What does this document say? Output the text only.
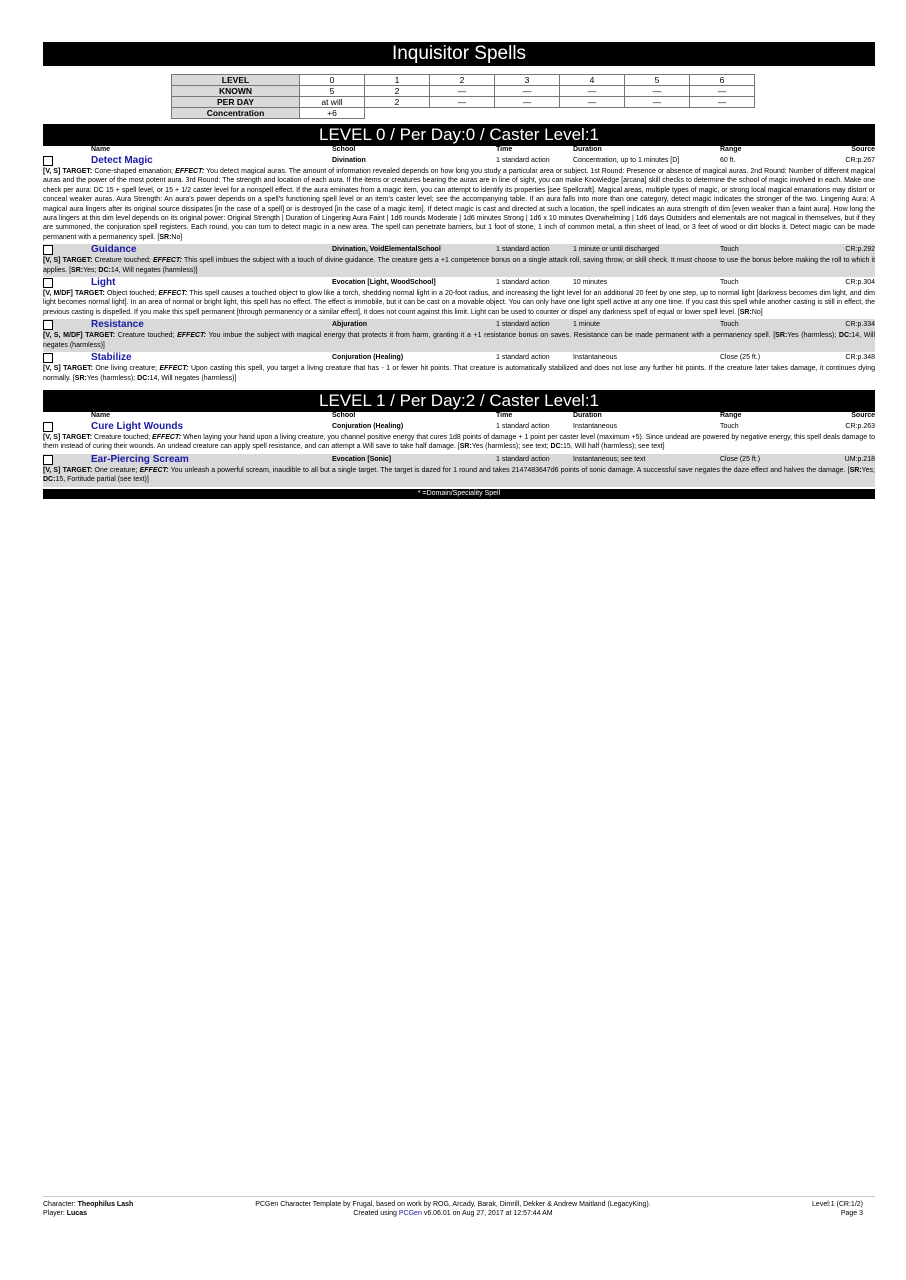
Inquisitor Spells
LEVEL	0	1	2	3	4	5	6
KNOWN	5	2	—	—	—	—	—
PER DAY	at will	2	—	—	—	—	—
Concentration	+6						
LEVEL 0 / Per Day:0 / Caster Level:1
Name	School	Time	Duration	Range	Source
Detect Magic	Divination	1 standard action	Concentration, up to 1 minutes [D]	60 ft.	CR:p.267
[V, S] TARGET: Cone-shaped emanation; EFFECT: You detect magical auras. The amount of information revealed depends on how long you study a particular area or subject. 1st Round: Presence or absence of magical auras. 2nd Round: Number of different magical auras and the power of the most potent aura. 3rd Round: The strength and location of each aura. If the items or creatures bearing the auras are in line of sight, you can make Knowledge [arcana] skill checks to determine the school of magic involved in each. Make one check per aura: DC 15 + spell level, or 15 + 1/2 caster level for a nonspell effect. If the aura eminates from a magic item, you can attempt to identify its properties [see Spellcraft]. Magical areas, multiple types of magic, or strong local magical emanations may distort or conceal weaker auras. Aura Strength: An aura's power depends on a spell's functioning spell level or an item's caster level; see the accompanying table. If an aura falls into more than one category, detect magic indicates the stronger of the two. Lingering Aura: A magical aura lingers after its original source dissipates [in the case of a spell] or is destroyed [in the case of a magic item]. If detect magic is cast and directed at such a location, the spell indicates an aura strength of dim [even weaker than a faint aura]. How long the aura lingers at this dim level depends on its original power: Original Strength | Duration of Lingering Aura Faint | 1d6 rounds Moderate | 1d6 minutes Strong | 1d6 x 10 minutes Overwhelming | 1d6 days Outsiders and elementals are not magical in themselves, but if they are summoned, the conjuration spell registers. Each round, you can turn to detect magic in a new area. The spell can penetrate barriers, but 1 foot of stone, 1 inch of common metal, a thin sheet of lead, or 3 feet of wood or dirt blocks it. Detect magic can be made permanent with a permanency spell. [SR:No]
Guidance	Divination, VoidElementalSchool	1 standard action	1 minute or until discharged	Touch	CR:p.292
[V, S] TARGET: Creature touched; EFFECT: This spell imbues the subject with a touch of divine guidance. The creature gets a +1 competence bonus on a single attack roll, saving throw, or skill check. It must choose to use the bonus before making the roll to which it applies. [SR:Yes; DC:14, Will negates (harmless)]
Light	Evocation [Light, WoodSchool]	1 standard action	10 minutes	Touch	CR:p.304
[V, M/DF] TARGET: Object touched; EFFECT: This spell causes a touched object to glow like a torch, shedding normal light in a 20-foot radius, and increasing the light level for an additional 20 feet by one step, up to normal light [darkness becomes dim light, and dim light becomes normal light]. In an area of normal or bright light, this spell has no effect. The effect is immobile, but it can be cast on a movable object. You can only have one light spell active at any one time. If you cast this spell while another casting is still in effect, the previous casting is dispelled. If you make this spell permanent [through permanency or a similar effect], it does not count against this limit. Light can be used to counter or dispel any darkness spell of equal or lower spell level. [SR:No]
Resistance	Abjuration	1 standard action	1 minute	Touch	CR:p.334
[V, S, M/DF] TARGET: Creature touched; EFFECT: You imbue the subject with magical energy that protects it from harm, granting it a +1 resistance bonus on saves. Resistance can be made permanent with a permanency spell. [SR:Yes (harmless); DC:14, Will negates (harmless)]
Stabilize	Conjuration (Healing)	1 standard action	Instantaneous	Close (25 ft.)	CR:p.348
[V, S] TARGET: One living creature; EFFECT: Upon casting this spell, you target a living creature that has - 1 or fewer hit points. That creature is automatically stabilized and does not lose any further hit points. If the creature later takes damage, it continues dying normally. [SR:Yes (harmless); DC:14, Will negates (harmless)]
LEVEL 1 / Per Day:2 / Caster Level:1
Name	School	Time	Duration	Range	Source
Cure Light Wounds	Conjuration (Healing)	1 standard action	Instantaneous	Touch	CR:p.263
[V, S] TARGET: Creature touched; EFFECT: When laying your hand upon a living creature, you channel positive energy that cures 1d8 points of damage + 1 point per caster level (maximum +5). Since undead are powered by negative energy, this spell deals damage to them instead of curing their wounds. An undead creature can apply spell resistance, and can attempt a Will save to take half damage. [SR:Yes (harmless); see text; DC:15, Will half (harmless); see text]
Ear-Piercing Scream	Evocation [Sonic]	1 standard action	Instantaneous; see text	Close (25 ft.)	UM:p.218
[V, S] TARGET: One creature; EFFECT: You unleash a powerful scream, inaudible to all but a single target. The target is dazed for 1 round and takes 2147483647d6 points of sonic damage. A successful save negates the daze effect and halves the damage. [SR:Yes; DC:15, Fortitude partial (see text)]
* =Domain/Speciality Spell
Character: Theophilus Lash
Player: Lucas
PCGen Character Template by Frugal, based on work by ROG, Arcady, Barak, Dimrill, Dekker & Andrew Maitland (LegacyKing).
Created using PCGen v6.06.01 on Aug 27, 2017 at 12:57:44 AM
Level:1 (CR:1/2)
Page 3
